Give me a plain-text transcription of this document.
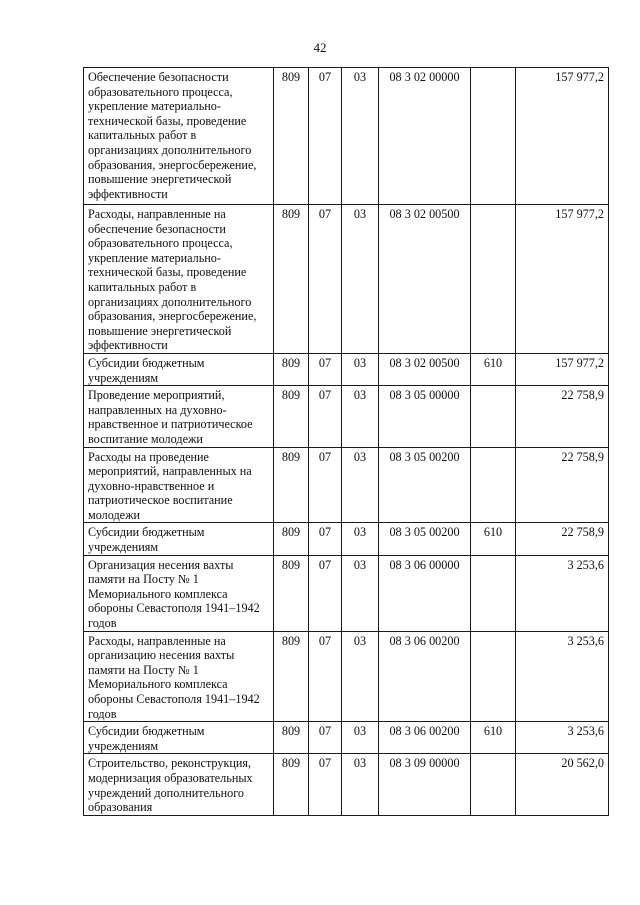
42
Обеспечение безопасности образовательного процесса, укрепление материально-технической базы, проведение капитальных работ в организациях дополнительного образования, энергосбережение, повышение энергетической эффективности	809	07	03	08 3 02 00000		157 977,2
Расходы, направленные на обеспечение безопасности образовательного процесса, укрепление материально-технической базы, проведение капитальных работ в организациях дополнительного образования, энергосбережение, повышение энергетической эффективности	809	07	03	08 3 02 00500		157 977,2
Субсидии бюджетным учреждениям	809	07	03	08 3 02 00500	610	157 977,2
Проведение мероприятий, направленных на духовно-нравственное и патриотическое воспитание молодежи	809	07	03	08 3 05 00000		22 758,9
Расходы на проведение мероприятий, направленных на духовно-нравственное и патриотическое воспитание молодежи	809	07	03	08 3 05 00200		22 758,9
Субсидии бюджетным учреждениям	809	07	03	08 3 05 00200	610	22 758,9
Организация несения вахты памяти на Посту № 1 Мемориального комплекса обороны Севастополя 1941–1942 годов	809	07	03	08 3 06 00000		3 253,6
Расходы, направленные на организацию несения вахты памяти на Посту № 1 Мемориального комплекса обороны Севастополя 1941–1942 годов	809	07	03	08 3 06 00200		3 253,6
Субсидии бюджетным учреждениям	809	07	03	08 3 06 00200	610	3 253,6
Строительство, реконструкция, модернизация образовательных учреждений дополнительного образования	809	07	03	08 3 09 00000		20 562,0
